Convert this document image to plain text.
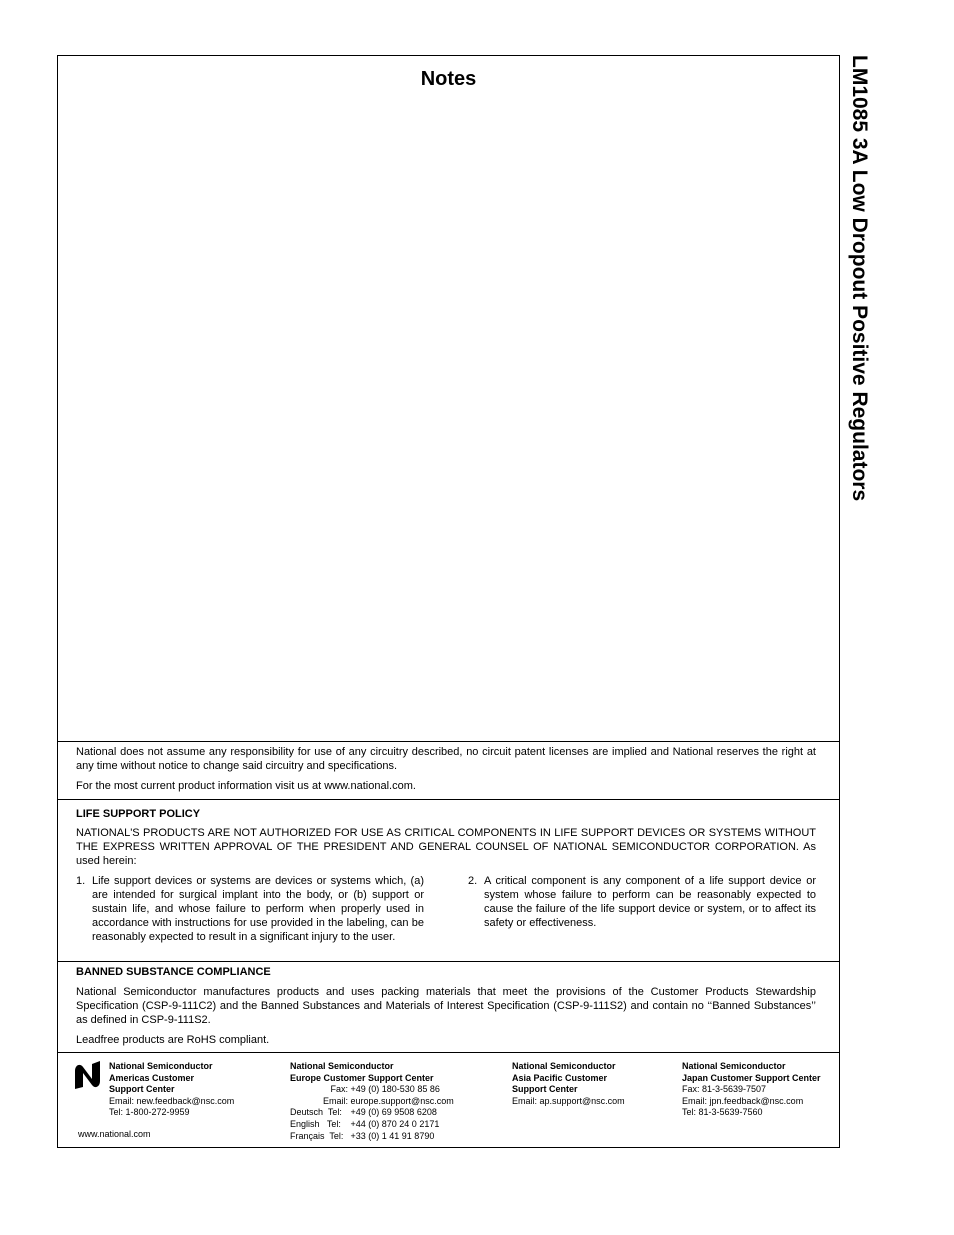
LM1085 3A Low Dropout Positive Regulators
Notes

National does not assume any responsibility for use of any circuitry described, no circuit patent licenses are implied and National reserves the right at any time without notice to change said circuitry and specifications.

For the most current product information visit us at www.national.com.

LIFE SUPPORT POLICY

NATIONAL'S PRODUCTS ARE NOT AUTHORIZED FOR USE AS CRITICAL COMPONENTS IN LIFE SUPPORT DEVICES OR SYSTEMS WITHOUT THE EXPRESS WRITTEN APPROVAL OF THE PRESIDENT AND GENERAL COUNSEL OF NATIONAL SEMICONDUCTOR CORPORATION. As used herein:

1. Life support devices or systems are devices or systems which, (a) are intended for surgical implant into the body, or (b) support or sustain life, and whose failure to perform when properly used in accordance with instructions for use provided in the labeling, can be reasonably expected to result in a significant injury to the user.
2. A critical component is any component of a life support device or system whose failure to perform can be reasonably expected to cause the failure of the life support device or system, or to affect its safety or effectiveness.

BANNED SUBSTANCE COMPLIANCE

National Semiconductor manufactures products and uses packing materials that meet the provisions of the Customer Products Stewardship Specification (CSP-9-111C2) and the Banned Substances and Materials of Interest Specification (CSP-9-111S2) and contain no ‘‘Banned Substances’’ as defined in CSP-9-111S2.

Leadfree products are RoHS compliant.

National Semiconductor
Americas Customer
Support Center
Email: new.feedback@nsc.com
Tel: 1-800-272-9959
National Semiconductor
Europe Customer Support Center
Fax: +49 (0) 180-530 85 86
Email: europe.support@nsc.com
Deutsch  Tel: +49 (0) 69 9508 6208
English   Tel: +44 (0) 870 24 0 2171
Français  Tel: +33 (0) 1 41 91 8790
National Semiconductor
Asia Pacific Customer
Support Center
Email: ap.support@nsc.com
National Semiconductor
Japan Customer Support Center
Fax: 81-3-5639-7507
Email: jpn.feedback@nsc.com
Tel: 81-3-5639-7560
www.national.com
